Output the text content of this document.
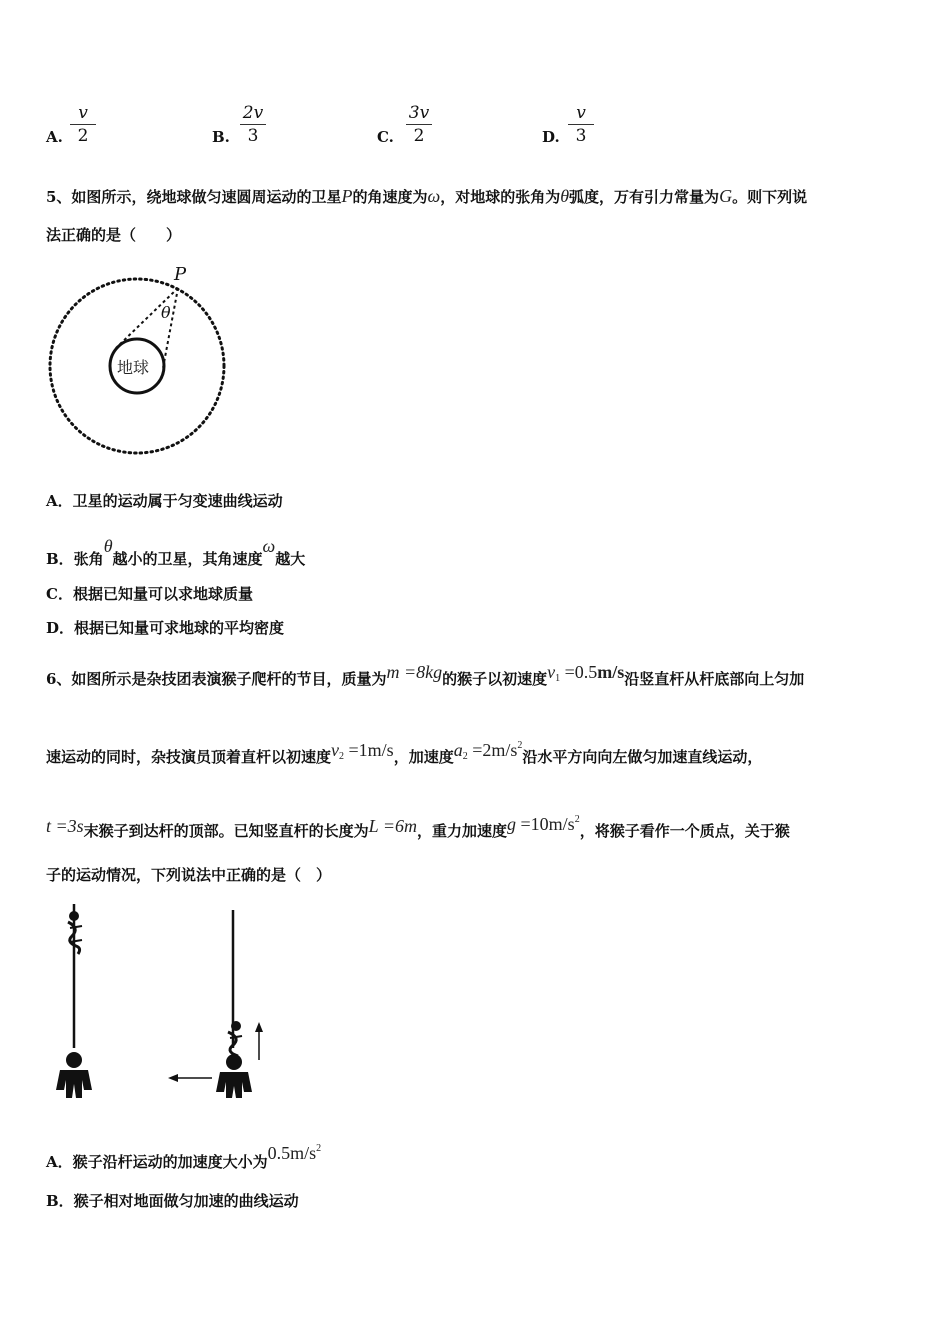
A.
v
2	B.
2v
3	C.
3v
2	D.
v
3
5、如图所示，绕地球做匀速圆周运动的卫星P的角速度为ω，对地球的张角为θ弧度，万有引力常量为G。则下列说
法正确的是（　　）
P
θ
地球
A．卫星的运动属于匀变速曲线运动
B．张角θ越小的卫星，其角速度ω越大
C．根据已知量可以求地球质量
D．根据已知量可求地球的平均密度
6、如图所示是杂技团表演猴子爬杆的节目，质量为m =8kg的猴子以初速度$v_1 =0.5m/s$沿竖直杆从杆底部向上匀加
速运动的同时，杂技演员顶着直杆以初速度$v_2 =1m/s$，加速度$a_2 =2m/s^2$沿水平方向向左做匀加速直线运动，
t =3s末猴子到达杆的顶部。已知竖直杆的长度为L =6m，重力加速度$g =10m/s^2$，将猴子看作一个质点，关于猴
子的运动情况，下列说法中正确的是（　）
A．猴子沿杆运动的加速度大小为$0.5m/s^2$
B．猴子相对地面做匀加速的曲线运动
